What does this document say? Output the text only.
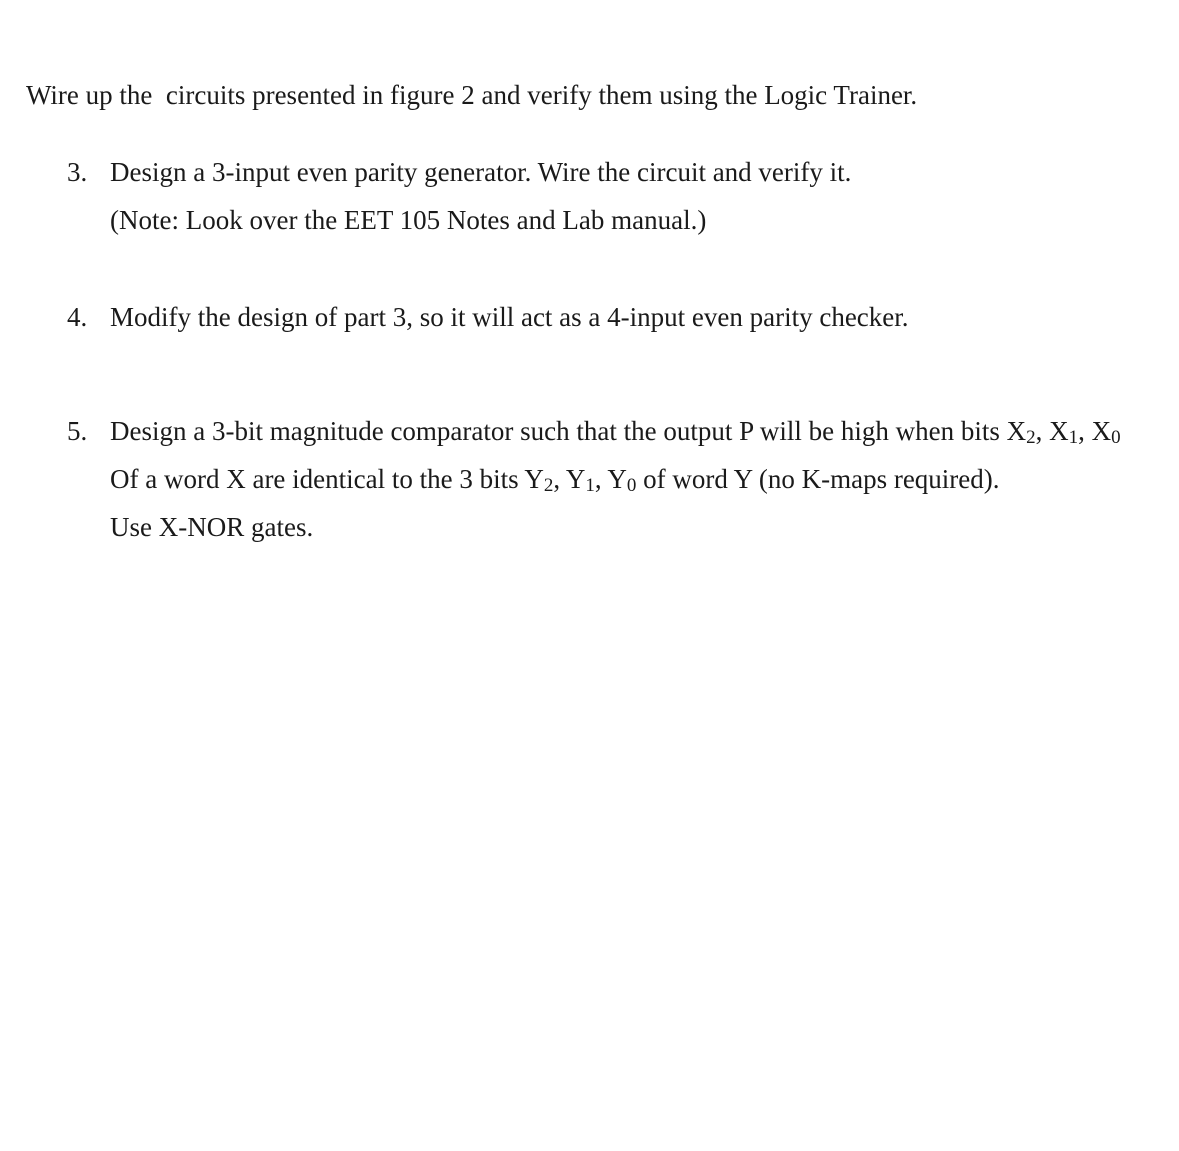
Wire up the  circuits presented in figure 2 and verify them using the Logic Trainer.

3. Design a 3-input even parity generator. Wire the circuit and verify it.
(Note: Look over the EET 105 Notes and Lab manual.)
4. Modify the design of part 3, so it will act as a 4-input even parity checker.
5. Design a 3-bit magnitude comparator such that the output P will be high when bits X2, X1, X0
Of a word X are identical to the 3 bits Y2, Y1, Y0 of word Y (no K-maps required).
Use X-NOR gates.
